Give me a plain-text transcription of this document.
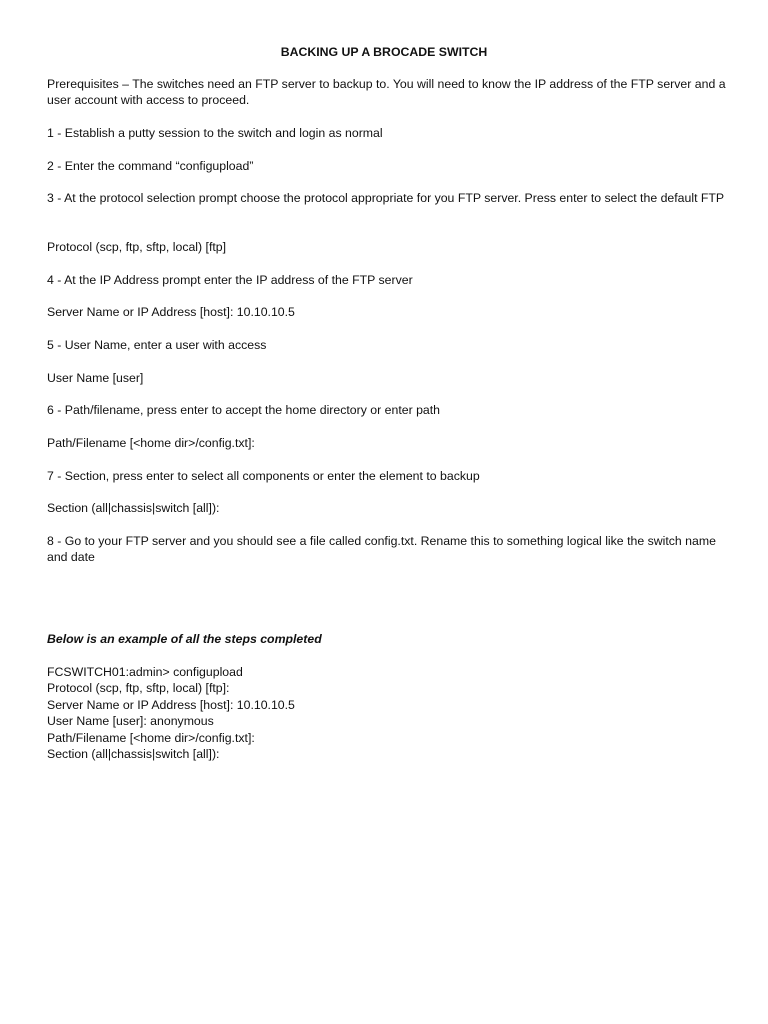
BACKING UP A BROCADE SWITCH
Prerequisites – The switches need an FTP server to backup to. You will need to know the IP address of the FTP server and a user account with access to proceed.
1 - Establish a putty session to the switch and login as normal
2 - Enter the command “configupload”
3 - At the protocol selection prompt choose the protocol appropriate for you FTP server. Press enter to select the default FTP
Protocol (scp, ftp, sftp, local) [ftp]
4 - At the IP Address prompt enter the IP address of the FTP server
Server Name or IP Address [host]: 10.10.10.5
5 - User Name, enter a user with access
User Name [user]
6 - Path/filename, press enter to accept the home directory or enter path
Path/Filename [<home dir>/config.txt]:
7 - Section, press enter to select all components or enter the element to backup
Section (all|chassis|switch [all]):
8 - Go to your FTP server and you should see a file called config.txt. Rename this to something logical like the switch name and date
Below is an example of all the steps completed
FCSWITCH01:admin> configupload
Protocol (scp, ftp, sftp, local) [ftp]:
Server Name or IP Address [host]: 10.10.10.5
User Name [user]: anonymous
Path/Filename [<home dir>/config.txt]:
Section (all|chassis|switch [all]):
